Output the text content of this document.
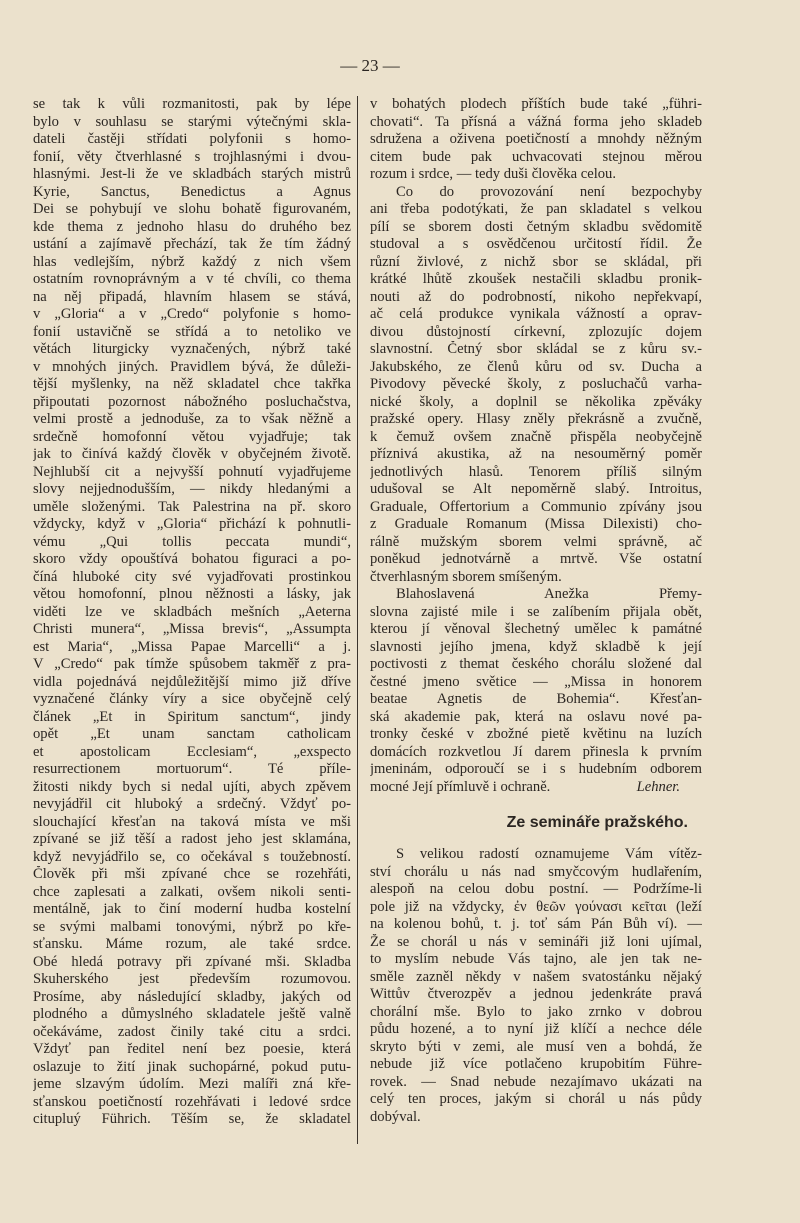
— 23 —
se tak k vůli rozmanitosti, pak by lépe
bylo v souhlasu se starými výtečnými skla-
dateli častěji střídati polyfonii s homo-
fonií, věty čtverhlasné s trojhlasnými i dvou-
hlasnými. Jest-li že ve skladbách starých mistrů
Kyrie, Sanctus, Benedictus a Agnus
Dei se pohybují ve slohu bohatě figurovaném,
kde thema z jednoho hlasu do druhého bez
ustání a zajímavě přechází, tak že tím žádný
hlas vedlejším, nýbrž každý z nich všem
ostatním rovnoprávným a v té chvíli, co thema
na něj připadá, hlavním hlasem se stává,
v „Gloria“ a v „Credo“ polyfonie s homo-
fonií ustavičně se střídá a to netoliko ve
větách liturgicky vyznačených, nýbrž také
v mnohých jiných. Pravidlem bývá, že důleži-
tější myšlenky, na něž skladatel chce takřka
připoutati pozornost nábožného posluchačstva,
velmi prostě a jednoduše, za to však něžně a
srdečně homofonní větou vyjadřuje; tak
jak to činívá každý člověk v obyčejném životě.
Nejhlubší cit a nejvyšší pohnutí vyjadřujeme
slovy nejjednodušším, — nikdy hledanými a
uměle složenými. Tak Palestrina na př. skoro
vždycky, když v „Gloria“ přichází k pohnutli-
vému „Qui tollis peccata mundi“,
skoro vždy opouštívá bohatou figuraci a po-
číná hluboké city své vyjadřovati prostinkou
větou homofonní, plnou něžnosti a lásky, jak
viděti lze ve skladbách mešních „Aeterna
Christi munera“, „Missa brevis“, „Assumpta
est Maria“, „Missa Papae Marcelli“ a j.
V „Credo“ pak tímže spůsobem takměř z pra-
vidla pojednává nejdůležitější mimo již dříve
vyznačené články víry a sice obyčejně celý
článek „Et in Spiritum sanctum“, jindy
opět „Et unam sanctam catholicam
et apostolicam Ecclesiam“, „exspecto
resurrectionem mortuorum“. Té příle-
žitosti nikdy bych si nedal ujíti, abych zpěvem
nevyjádřil cit hluboký a srdečný. Vždyť po-
slouchající křesťan na taková místa ve mši
zpívané se již těší a radost jeho jest sklamána,
když nevyjádřilo se, co očekával s toužebností.
Člověk při mši zpívané chce se rozehřáti,
chce zaplesati a zalkati, ovšem nikoli senti-
mentálně, jak to činí moderní hudba kostelní
se svými malbami tonovými, nýbrž po kře-
sťansku. Máme rozum, ale také srdce.
Obé hledá potravy při zpívané mši. Skladba
Skuherského jest především rozumovou.
Prosíme, aby následující skladby, jakých od
plodného a důmyslného skladatele ještě valně
očekáváme, zadost činily také citu a srdci.
Vždyť pan ředitel není bez poesie, která
oslazuje to žití jinak suchopárné, pokud putu-
jeme slzavým údolím. Mezi malíři zná kře-
sťanskou poetičností rozehřávati i ledové srdce
citupluý Führich. Těším se, že skladatel
v bohatých plodech příštích bude také „führi-
chovati“. Ta přísná a vážná forma jeho skladeb
sdružena a oživena poetičností a mnohdy něžným
citem bude pak uchvacovati stejnou měrou
rozum i srdce, — tedy duši člověka celou.
Co do provozování není bezpochyby
ani třeba podotýkati, že pan skladatel s velkou
pílí se sborem dosti četným skladbu svědomitě
studoval a s osvědčenou určitostí řídil. Že
různí živlové, z nichž sbor se skládal, při
krátké lhůtě zkoušek nestačili skladbu pronik-
nouti až do podrobností, nikoho nepřekvapí,
ač celá produkce vynikala vážností a oprav-
divou důstojností církevní, zplozujíc dojem
slavnostní. Četný sbor skládal se z kůru sv.-
Jakubského, ze členů kůru od sv. Ducha a
Pivodovy pěvecké školy, z posluchačů varha-
nické školy, a doplnil se několika zpěváky
pražské opery. Hlasy zněly překrásně a zvučně,
k čemuž ovšem značně přispěla neobyčejně
příznivá akustika, až na nesouměrný poměr
jednotlivých hlasů. Tenorem příliš silným
udušoval se Alt nepoměrně slabý. Introitus,
Graduale, Offertorium a Communio zpívány jsou
z Graduale Romanum (Missa Dilexisti) cho-
rálně mužským sborem velmi správně, ač
poněkud jednotvárně a mrtvě. Vše ostatní
čtverhlasným sborem smíšeným.
Blahoslavená Anežka Přemy-
slovna zajisté mile i se zalíbením přijala obět,
kterou jí věnoval šlechetný umělec k památné
slavnosti jejího jmena, když skladbě k její
poctivosti z themat českého chorálu složené dal
čestné jmeno světice — „Missa in honorem
beatae Agnetis de Bohemia“. Křesťan-
ská akademie pak, která na oslavu nové pa-
tronky české v zbožné pietě květinu na luzích
domácích rozkvetlou Jí darem přinesla k prvním
jmeninám, odporoučí se i s hudebním odborem
mocné Její přímluvě i ochraně.	Lehner.
Ze semináře pražského.
S velikou radostí oznamujeme Vám vítěz-
ství chorálu u nás nad smyčcovým hudlařením,
alespoň na celou dobu postní. — Podržíme-li
pole již na vždycky, ἐν θεῶν γούνασι κεῖται (leží
na kolenou bohů, t. j. toť sám Pán Bůh ví). —
Že se chorál u nás v semináři již loni ujímal,
to myslím nebude Vás tajno, ale jen tak ne-
směle zazněl někdy v našem svatostánku nějaký
Wittův čtverozpěv a jednou jedenkráte pravá
chorální mše. Bylo to jako zrnko v dobrou
půdu hozené, a to nyní již klíčí a nechce déle
skryto býti v zemi, ale musí ven a bohdá, že
nebude již více potlačeno krupobitím Führe-
rovek. — Snad nebude nezajímavo ukázati na
celý ten proces, jakým si chorál u nás půdy
dobýval.
